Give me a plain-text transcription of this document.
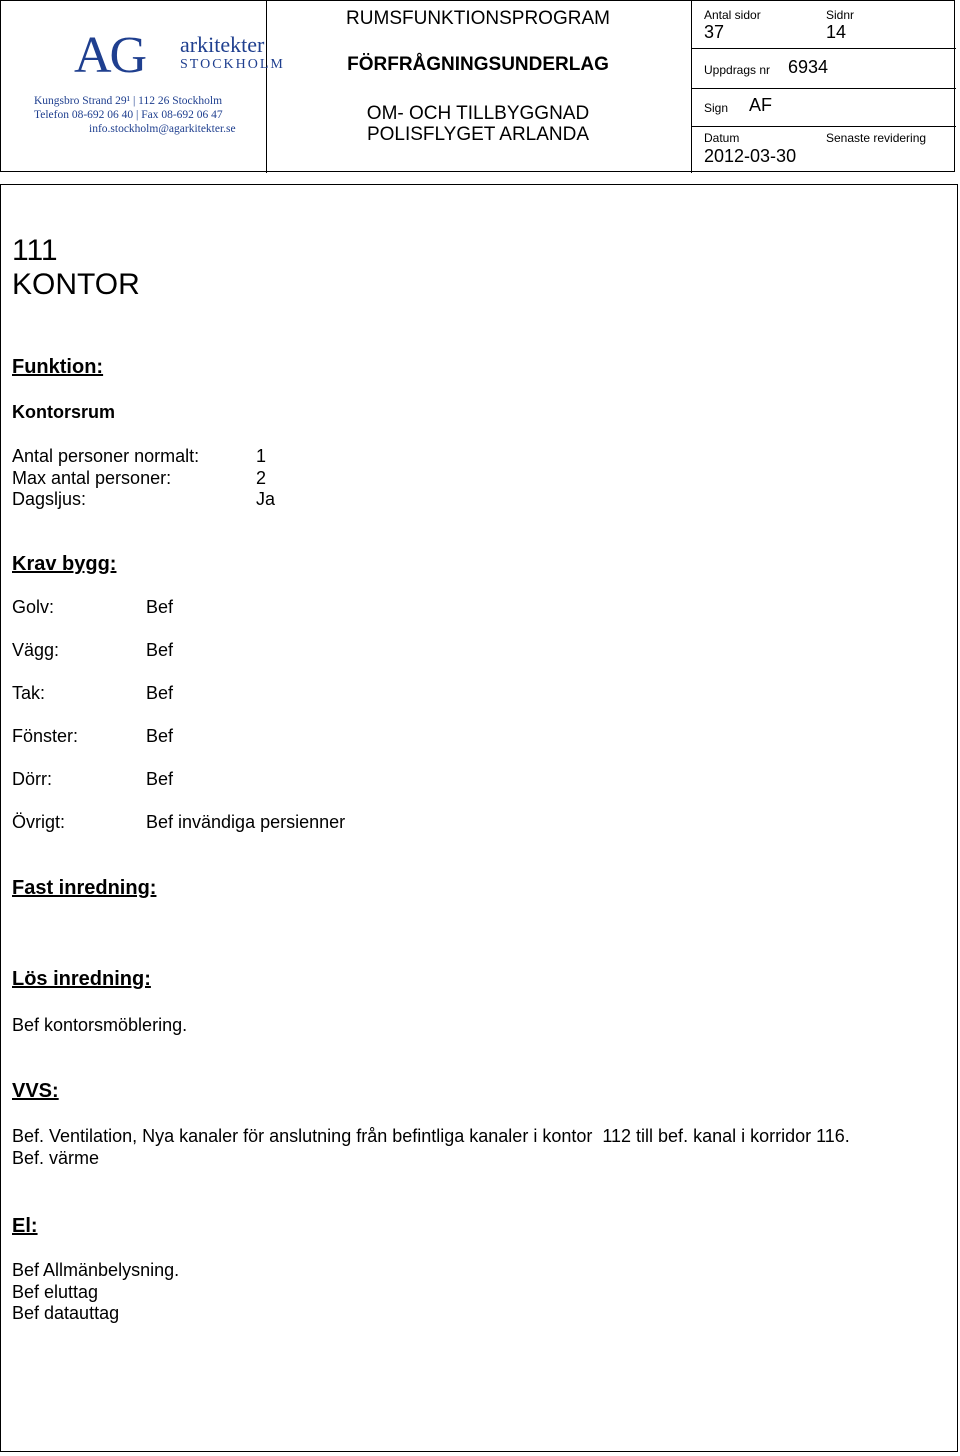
AG arkitekter
STOCKHOLM
Kungsbro Strand 29¹ | 112 26 Stockholm
Telefon 08-692 06 40 | Fax 08-692 06 47
info.stockholm@agarkitekter.se
RUMSFUNKTIONSPROGRAM
FÖRFRÅGNINGSUNDERLAG
OM- OCH TILLBYGGNAD
POLISFLYGET ARLANDA
Antal sidor
37
Sidnr
14
Uppdrags nr 6934
Sign AF
Datum
2012-03-30
Senaste revidering
111
KONTOR
Funktion:
Kontorsrum
Antal personer normalt:	1
Max antal personer:	2
Dagsljus:	Ja
Krav bygg:
Golv:	Bef
Vägg:	Bef
Tak:	Bef
Fönster:	Bef
Dörr:	Bef
Övrigt:	Bef invändiga persienner
Fast inredning:
Lös inredning:
Bef kontorsmöblering.
VVS:
Bef. Ventilation, Nya kanaler för anslutning från befintliga kanaler i kontor  112 till bef. kanal i korridor 116.
Bef. värme
El:
Bef Allmänbelysning.
Bef eluttag
Bef datauttag
